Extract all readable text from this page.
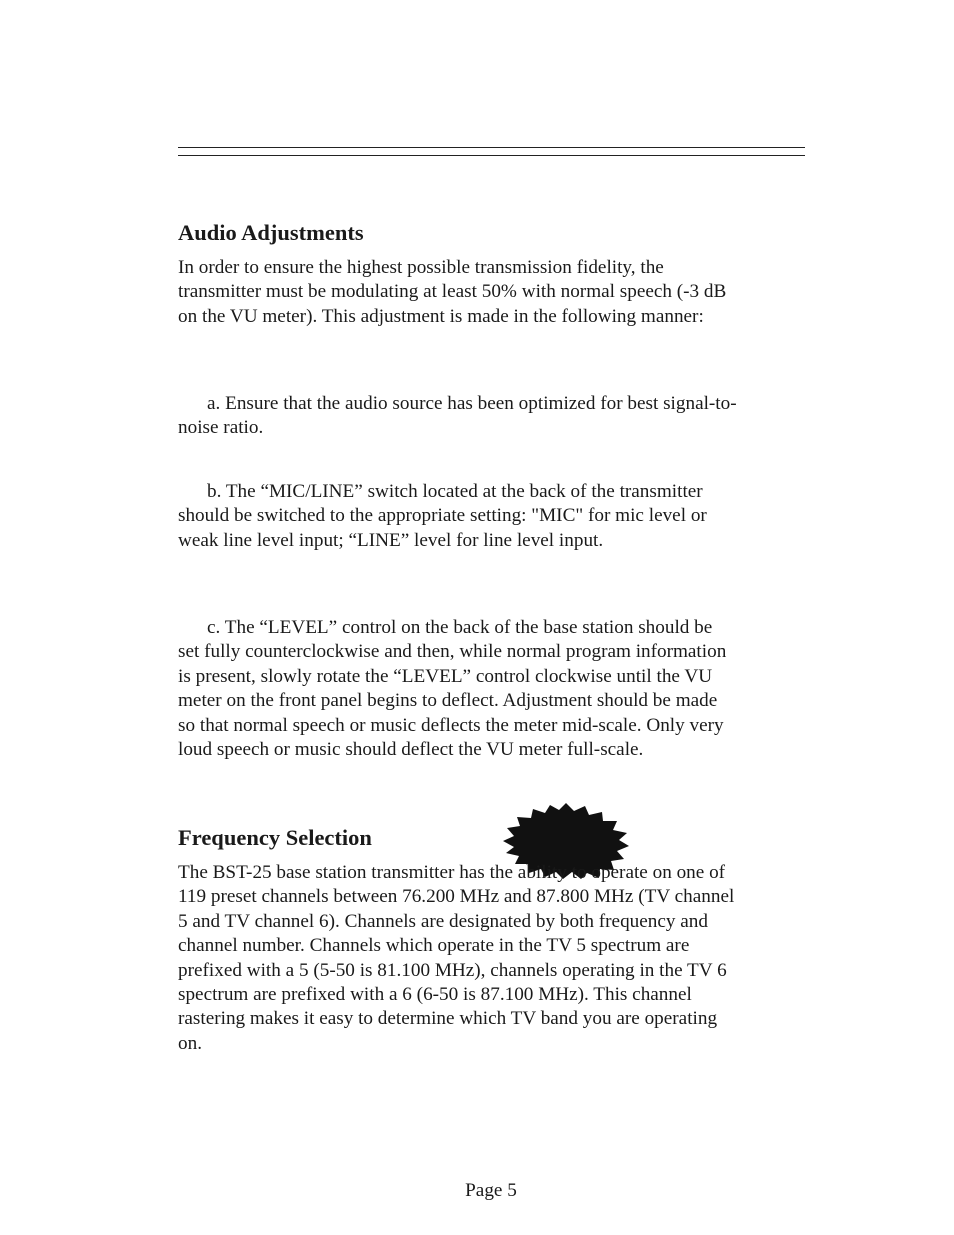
Audio Adjustments

In order to ensure the highest possible transmission fidelity, the transmitter must be modulating at least 50% with normal speech (-3 dB on the VU meter). This adjustment is made in the following manner:

a. Ensure that the audio source has been optimized for best signal-to-noise ratio.

b. The “MIC/LINE” switch located at the back of the transmitter should be switched to the appropriate setting: "MIC" for mic level or weak line level input; “LINE” level for line level input.

c. The “LEVEL” control on the back of the base station should be set fully counterclockwise and then, while normal program information is present, slowly rotate the “LEVEL” control clockwise until the VU meter on the front panel begins to deflect. Adjustment should be made so that normal speech or music deflects the meter mid-scale. Only very loud speech or music should deflect the VU meter full-scale.

Frequency Selection

The BST-25 base station transmitter has the ability to operate on one of 119 preset channels between 76.200 MHz and 87.800 MHz (TV channel 5 and TV channel 6). Channels are designated by both frequency and channel number. Channels which operate in the TV 5 spectrum are prefixed with a 5 (5-50 is 81.100 MHz), channels operating in the TV 6 spectrum are prefixed with a 6 (6-50 is 87.100 MHz). This channel rastering makes it easy to determine which TV band you are operating on.

Page 5
